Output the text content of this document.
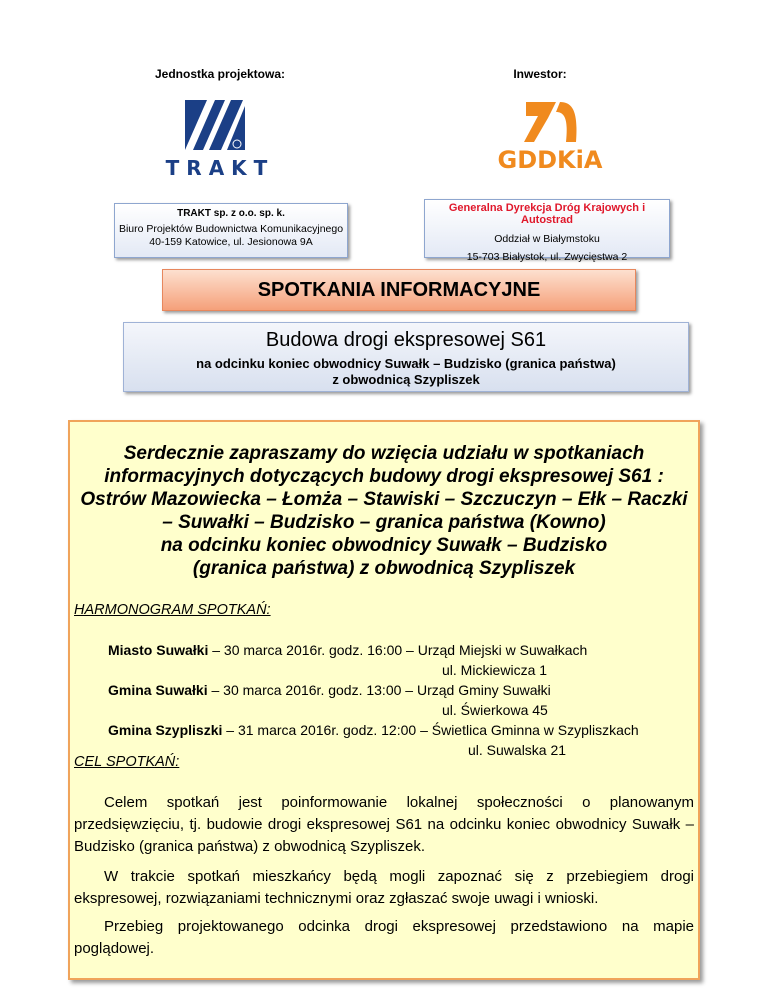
Jednostka projektowa:	Inwestor:
TRAKT	GDDKiA
TRAKT sp. z o.o. sp. k.
Biuro Projektów Budownictwa Komunikacyjnego
40-159 Katowice, ul. Jesionowa 9A
Generalna Dyrekcja Dróg Krajowych i Autostrad
Oddział w Białymstoku
15-703 Białystok, ul. Zwycięstwa 2
SPOTKANIA INFORMACYJNE
Budowa drogi ekspresowej S61
na odcinku koniec obwodnicy Suwałk – Budzisko (granica państwa)
z obwodnicą Szypliszek
Serdecznie zapraszamy do wzięcia udziału w spotkaniach
informacyjnych dotyczących budowy drogi ekspresowej S61 :
Ostrów Mazowiecka – Łomża – Stawiski – Szczuczyn – Ełk – Raczki
– Suwałki – Budzisko – granica państwa (Kowno)
na odcinku koniec obwodnicy Suwałk – Budzisko
(granica państwa) z obwodnicą Szypliszek
HARMONOGRAM SPOTKAŃ:
Miasto Suwałki – 30 marca 2016r. godz. 16:00 – Urząd Miejski w Suwałkach
ul. Mickiewicza 1
Gmina Suwałki – 30 marca 2016r. godz. 13:00 – Urząd Gminy Suwałki
ul. Świerkowa 45
Gmina Szypliszki – 31 marca 2016r. godz. 12:00 – Świetlica Gminna w Szypliszkach
ul. Suwalska 21
CEL SPOTKAŃ:
Celem spotkań jest poinformowanie lokalnej społeczności o planowanym przedsięwzięciu, tj. budowie drogi ekspresowej S61 na odcinku koniec obwodnicy Suwałk – Budzisko (granica państwa) z obwodnicą Szypliszek.
W trakcie spotkań mieszkańcy będą mogli zapoznać się z przebiegiem drogi ekspresowej, rozwiązaniami technicznymi oraz zgłaszać swoje uwagi i wnioski.
Przebieg projektowanego odcinka drogi ekspresowej przedstawiono na mapie poglądowej.
